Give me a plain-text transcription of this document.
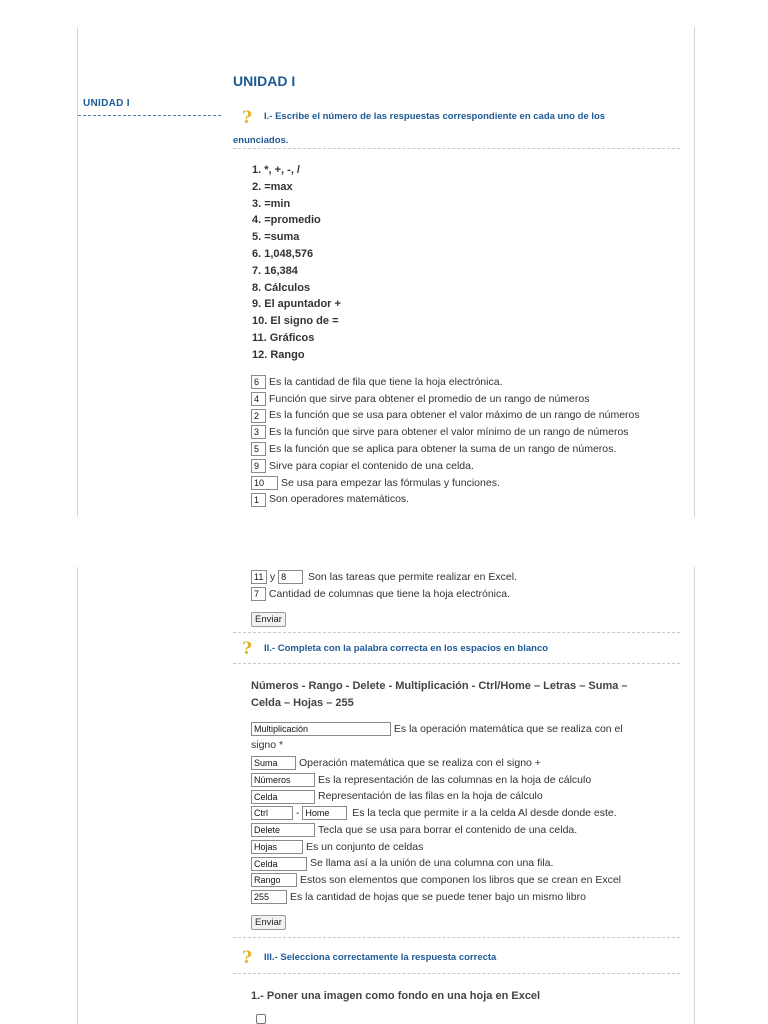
UNIDAD I
UNIDAD I
? I.- Escribe el número de las respuestas correspondiente en cada uno de los
enunciados.
1. *, +, -, /
2. =max
3. =min
4. =promedio
5. =suma
6. 1,048,576
7. 16,384
8. Cálculos
9. El apuntador +
10. El signo de =
11. Gráficos
12. Rango
6 Es la cantidad de fila que tiene la hoja electrónica.
4 Función que sirve para obtener el promedio de un rango de números
2 Es la función que se usa para obtener el valor máximo de un rango de números
3 Es la función que sirve para obtener el valor mínimo de un rango de números
5 Es la función que se aplica para obtener la suma de un rango de números.
9 Sirve para copiar el contenido de una celda.
10 Se usa para empezar las fórmulas y funciones.
1 Son operadores matemáticos.
11 y 8 Son las tareas que permite realizar en Excel.
7 Cantidad de columnas que tiene la hoja electrónica.
Enviar
? II.- Completa con la palabra correcta en los espacios en blanco
Números - Rango - Delete - Multiplicación - Ctrl/Home – Letras – Suma –
Celda – Hojas – 255
Multiplicación	Es la operación matemática que se realiza con el
signo *
Suma Operación matemática que se realiza con el signo +
Números	Es la representación de las columnas en la hoja de cálculo
Celda	Representación de las filas en la hoja de cálculo
Ctrl	- Home Es la tecla que permite ir a la celda Al desde donde este.
Delete	Tecla que se usa para borrar el contenido de una celda.
Hojas	Es un conjunto de celdas
Celda	Se llama así a la unión de una columna con una fila.
Rango Estos son elementos que componen los libros que se crean en Excel
255 Es la cantidad de hojas que se puede tener bajo un mismo libro
Enviar
? III.- Selecciona correctamente la respuesta correcta
1.- Poner una imagen como fondo en una hoja en Excel
